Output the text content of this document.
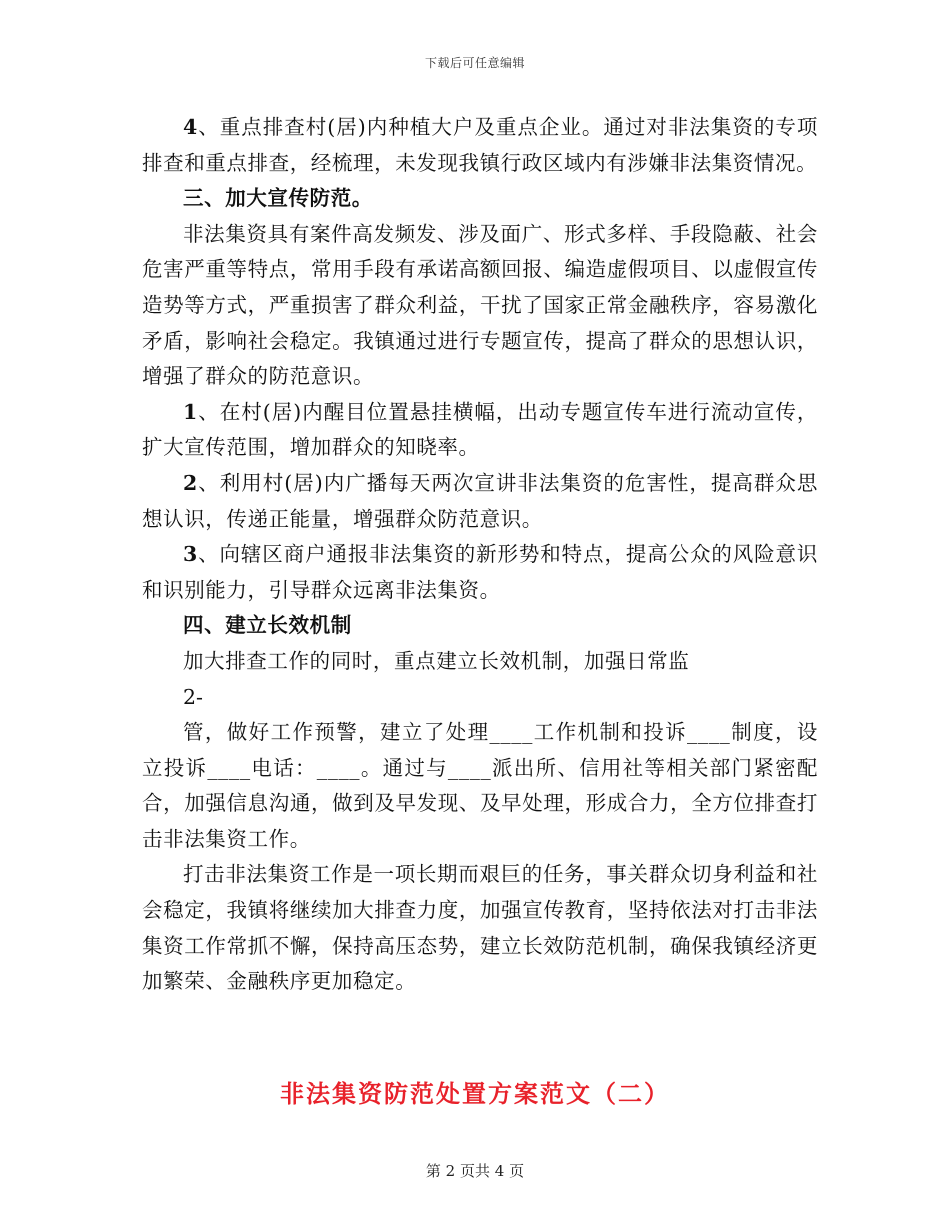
下载后可任意编辑

4、重点排查村(居)内种植大户及重点企业。通过对非法集资的专项排查和重点排查，经梳理，未发现我镇行政区域内有涉嫌非法集资情况。

三、加大宣传防范。

非法集资具有案件高发频发、涉及面广、形式多样、手段隐蔽、社会危害严重等特点，常用手段有承诺高额回报、编造虚假项目、以虚假宣传造势等方式，严重损害了群众利益，干扰了国家正常金融秩序，容易激化矛盾，影响社会稳定。我镇通过进行专题宣传，提高了群众的思想认识，增强了群众的防范意识。

1、在村(居)内醒目位置悬挂横幅，出动专题宣传车进行流动宣传，扩大宣传范围，增加群众的知晓率。

2、利用村(居)内广播每天两次宣讲非法集资的危害性，提高群众思想认识，传递正能量，增强群众防范意识。

3、向辖区商户通报非法集资的新形势和特点，提高公众的风险意识和识别能力，引导群众远离非法集资。

四、建立长效机制

加大排查工作的同时，重点建立长效机制，加强日常监

2-

管，做好工作预警，建立了处理____工作机制和投诉____制度，设立投诉____电话：____。通过与____派出所、信用社等相关部门紧密配合，加强信息沟通，做到及早发现、及早处理，形成合力，全方位排查打击非法集资工作。

打击非法集资工作是一项长期而艰巨的任务，事关群众切身利益和社会稳定，我镇将继续加大排查力度，加强宣传教育，坚持依法对打击非法集资工作常抓不懈，保持高压态势，建立长效防范机制，确保我镇经济更加繁荣、金融秩序更加稳定。

非法集资防范处置方案范文（二）
第 2 页共 4 页
